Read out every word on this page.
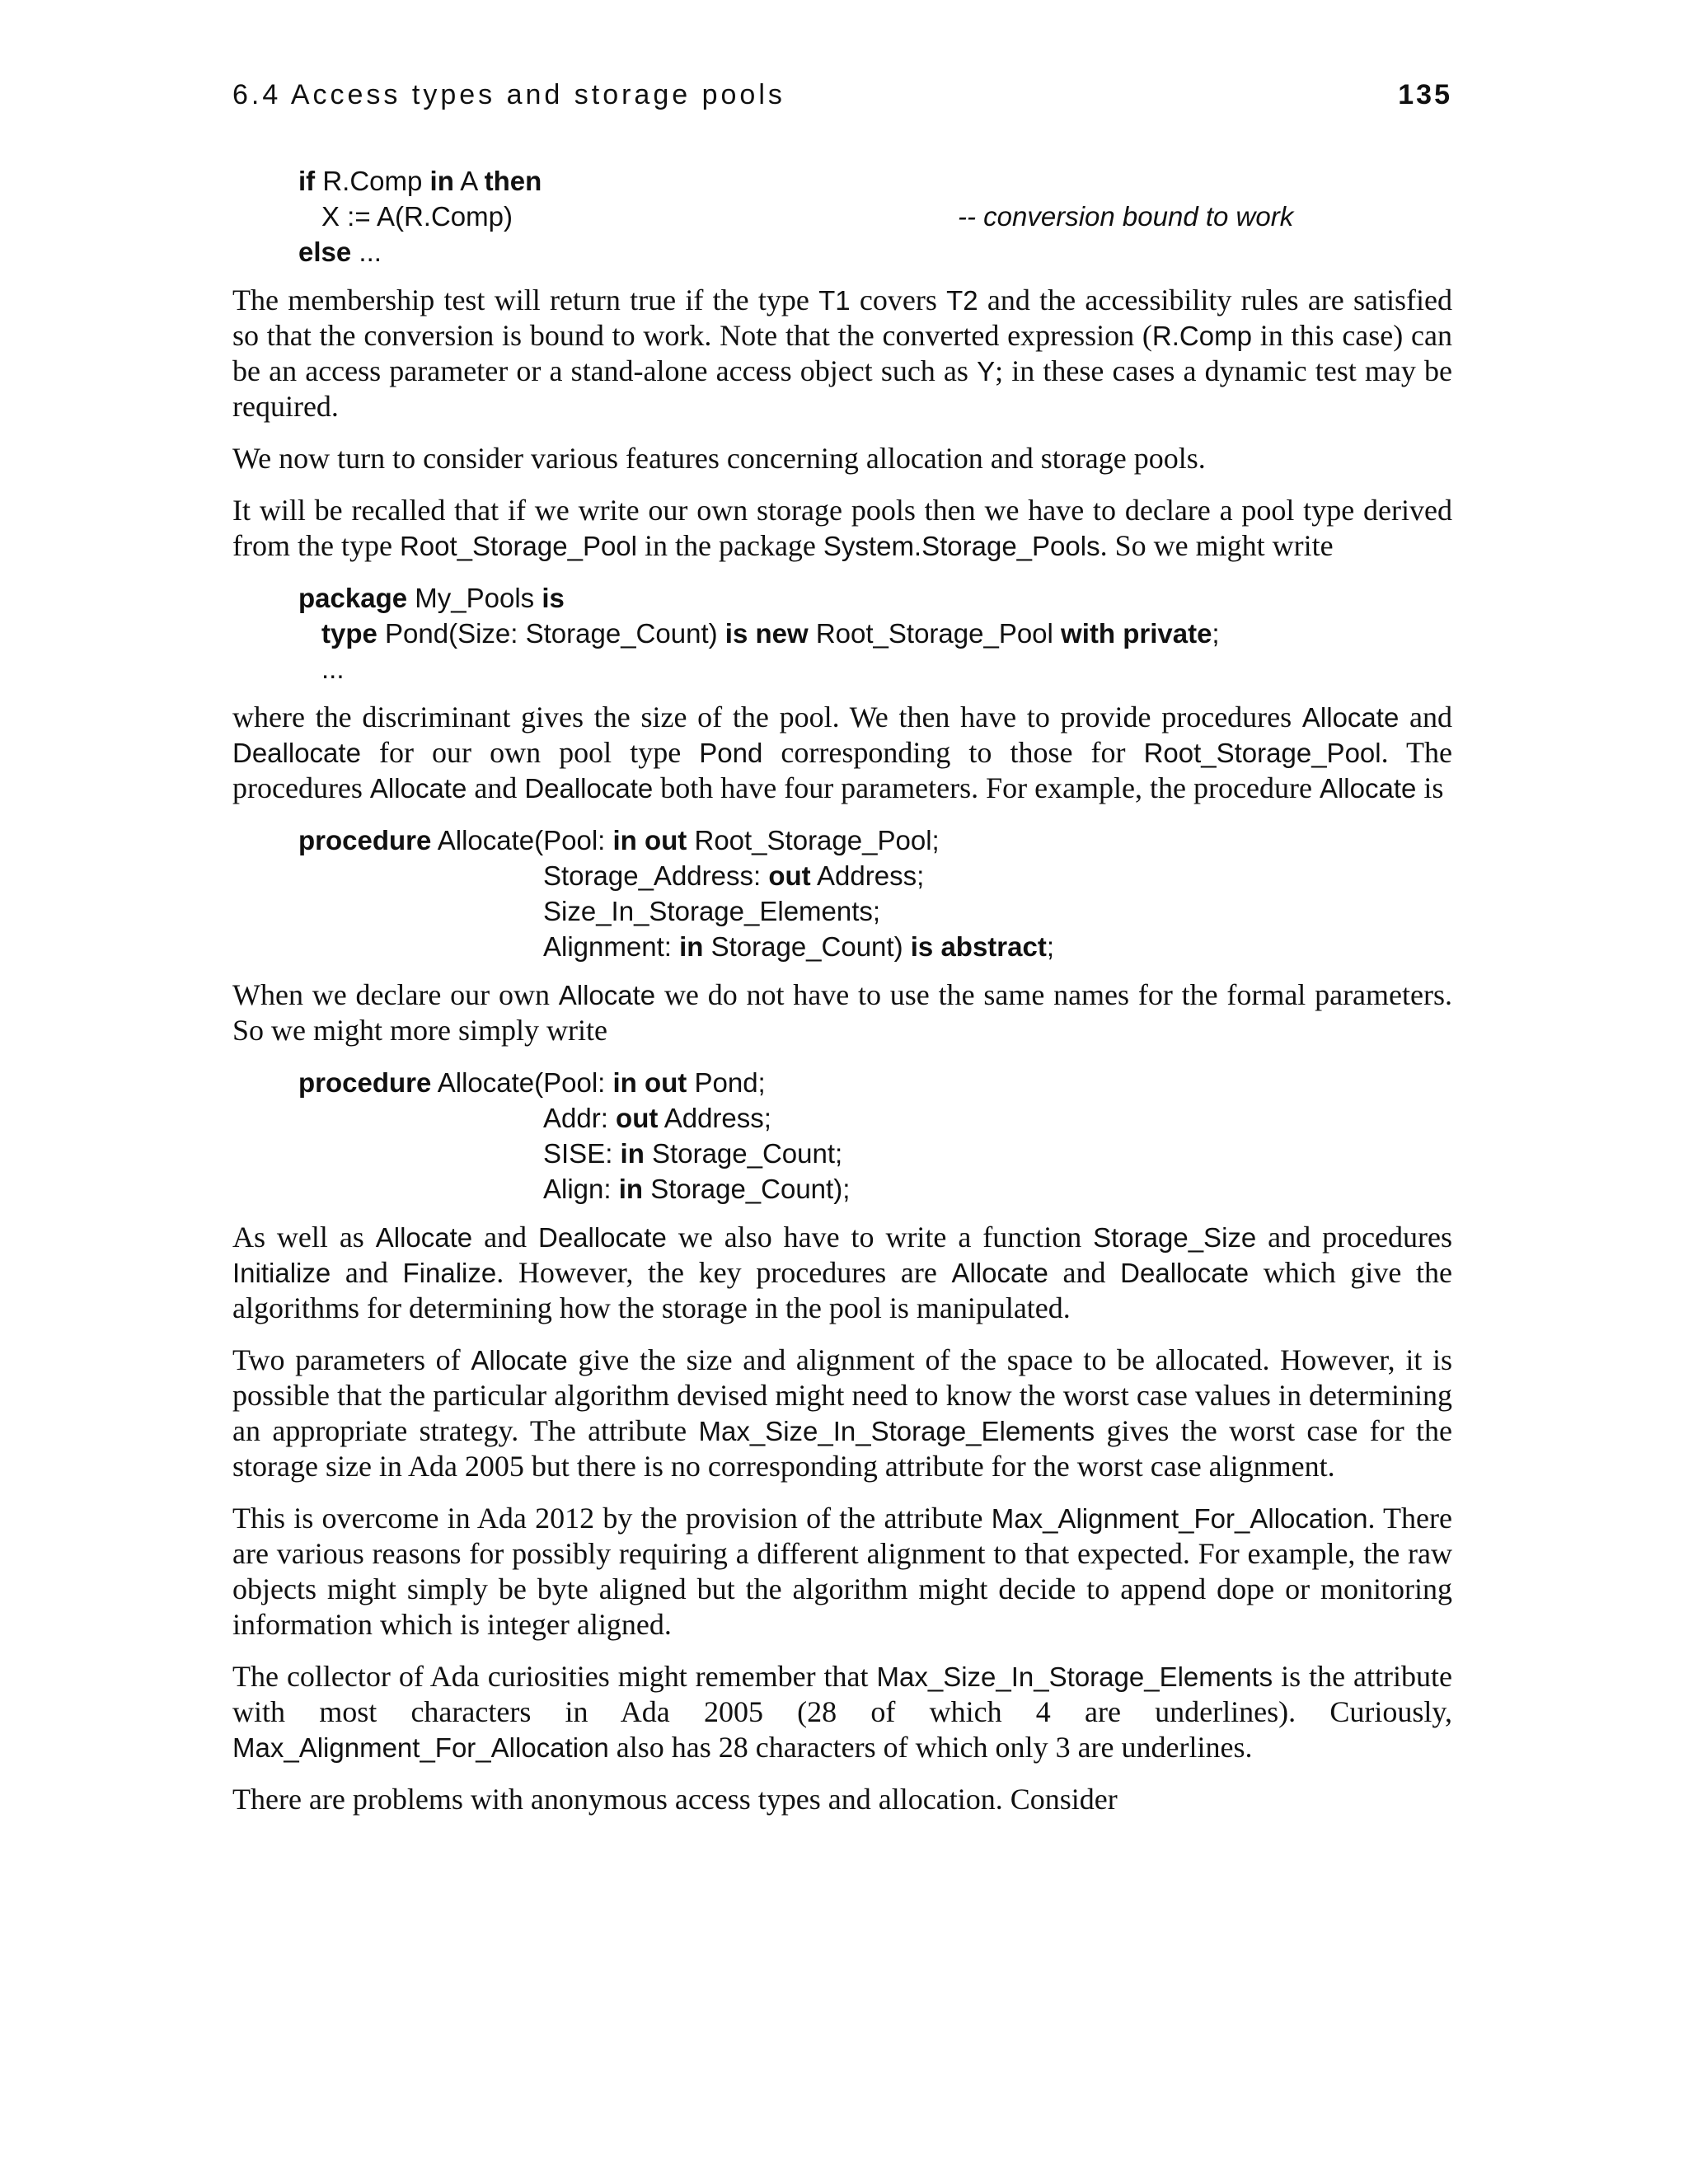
6.4 Access types and storage pools	135
if R.Comp in A then
X := A(R.Comp)	-- conversion bound to work
else ...

The membership test will return true if the type T1 covers T2 and the accessibility rules are satisfied so that the conversion is bound to work. Note that the converted expression (R.Comp in this case) can be an access parameter or a stand-alone access object such as Y; in these cases a dynamic test may be required.

We now turn to consider various features concerning allocation and storage pools.

It will be recalled that if we write our own storage pools then we have to declare a pool type derived from the type Root_Storage_Pool in the package System.Storage_Pools. So we might write

package My_Pools is
type Pond(Size: Storage_Count) is new Root_Storage_Pool with private;
...

where the discriminant gives the size of the pool. We then have to provide procedures Allocate and Deallocate for our own pool type Pond corresponding to those for Root_Storage_Pool. The procedures Allocate and Deallocate both have four parameters. For example, the procedure Allocate is

procedure Allocate(Pool: in out Root_Storage_Pool;
Storage_Address: out Address;
Size_In_Storage_Elements;
Alignment: in Storage_Count) is abstract;

When we declare our own Allocate we do not have to use the same names for the formal parameters. So we might more simply write

procedure Allocate(Pool: in out Pond;
Addr: out Address;
SISE: in Storage_Count;
Align: in Storage_Count);

As well as Allocate and Deallocate we also have to write a function Storage_Size and procedures Initialize and Finalize. However, the key procedures are Allocate and Deallocate which give the algorithms for determining how the storage in the pool is manipulated.

Two parameters of Allocate give the size and alignment of the space to be allocated. However, it is possible that the particular algorithm devised might need to know the worst case values in determining an appropriate strategy. The attribute Max_Size_In_Storage_Elements gives the worst case for the storage size in Ada 2005 but there is no corresponding attribute for the worst case alignment.

This is overcome in Ada 2012 by the provision of the attribute Max_Alignment_For_Allocation. There are various reasons for possibly requiring a different alignment to that expected. For example, the raw objects might simply be byte aligned but the algorithm might decide to append dope or monitoring information which is integer aligned.

The collector of Ada curiosities might remember that Max_Size_In_Storage_Elements is the attribute with most characters in Ada 2005 (28 of which 4 are underlines). Curiously, Max_Alignment_For_Allocation also has 28 characters of which only 3 are underlines.

There are problems with anonymous access types and allocation. Consider
